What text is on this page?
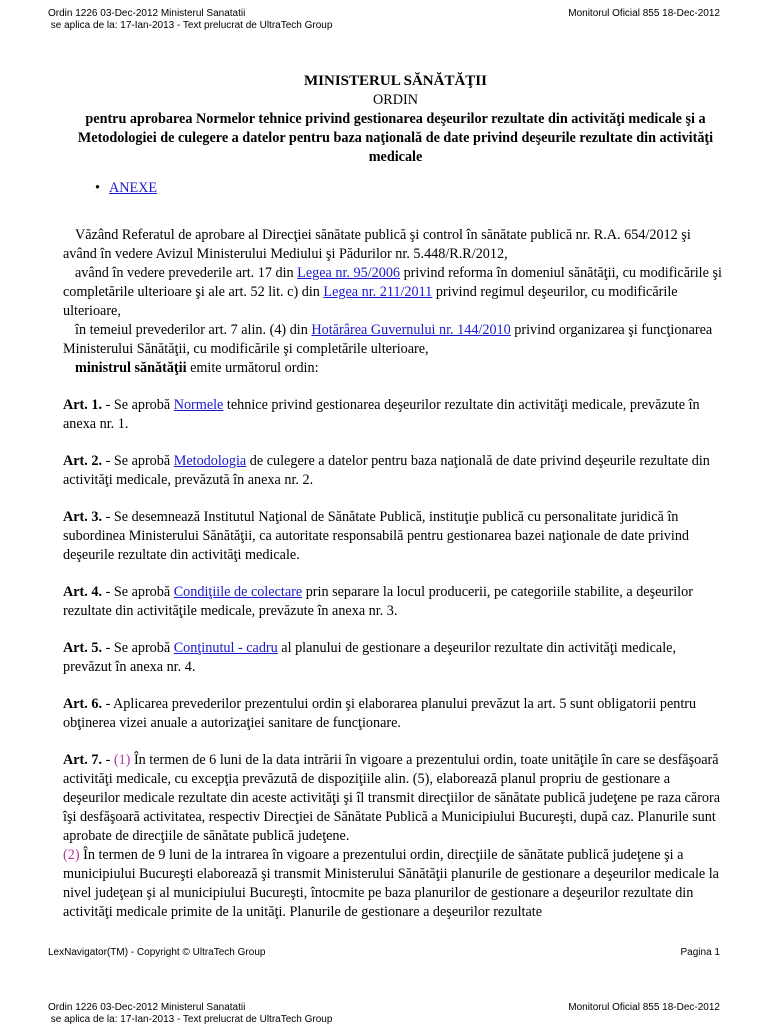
Ordin 1226 03-Dec-2012 Ministerul Sanatatii
se aplica de la: 17-Ian-2013 - Text prelucrat de UltraTech Group
Monitorul Oficial 855 18-Dec-2012
MINISTERUL SĂNĂTĂŢII
ORDIN
pentru aprobarea Normelor tehnice privind gestionarea deşeurilor rezultate din activităţi medicale şi a Metodologiei de culegere a datelor pentru baza naţională de date privind deşeurile rezultate din activităţi medicale
• ANEXE
Văzând Referatul de aprobare al Direcţiei sănătate publică şi control în sănătate publică nr. R.A. 654/2012 şi având în vedere Avizul Ministerului Mediului şi Pădurilor nr. 5.448/R.R/2012,
având în vedere prevederile art. 17 din Legea nr. 95/2006 privind reforma în domeniul sănătăţii, cu modificările şi completările ulterioare şi ale art. 52 lit. c) din Legea nr. 211/2011 privind regimul deşeurilor, cu modificările ulterioare,
în temeiul prevederilor art. 7 alin. (4) din Hotărârea Guvernului nr. 144/2010 privind organizarea şi funcţionarea Ministerului Sănătăţii, cu modificările şi completările ulterioare,
ministrul sănătăţii emite următorul ordin:
Art. 1. - Se aprobă Normele tehnice privind gestionarea deşeurilor rezultate din activităţi medicale, prevăzute în anexa nr. 1.
Art. 2. - Se aprobă Metodologia de culegere a datelor pentru baza naţională de date privind deşeurile rezultate din activităţi medicale, prevăzută în anexa nr. 2.
Art. 3. - Se desemnează Institutul Naţional de Sănătate Publică, instituţie publică cu personalitate juridică în subordinea Ministerului Sănătăţii, ca autoritate responsabilă pentru gestionarea bazei naţionale de date privind deşeurile rezultate din activităţi medicale.
Art. 4. - Se aprobă Condiţiile de colectare prin separare la locul producerii, pe categoriile stabilite, a deşeurilor rezultate din activităţile medicale, prevăzute în anexa nr. 3.
Art. 5. - Se aprobă Conţinutul - cadru al planului de gestionare a deşeurilor rezultate din activităţi medicale, prevăzut în anexa nr. 4.
Art. 6. - Aplicarea prevederilor prezentului ordin şi elaborarea planului prevăzut la art. 5 sunt obligatorii pentru obţinerea vizei anuale a autorizaţiei sanitare de funcţionare.
Art. 7. - (1) În termen de 6 luni de la data intrării în vigoare a prezentului ordin, toate unităţile în care se desfăşoară activităţi medicale, cu excepţia prevăzută de dispoziţiile alin. (5), elaborează planul propriu de gestionare a deşeurilor medicale rezultate din aceste activităţi şi îl transmit direcţiilor de sănătate publică judeţene pe raza cărora îşi desfăşoară activitatea, respectiv Direcţiei de Sănătate Publică a Municipiului Bucureşti, după caz. Planurile sunt aprobate de direcţiile de sănătate publică judeţene.
(2) În termen de 9 luni de la intrarea în vigoare a prezentului ordin, direcţiile de sănătate publică judeţene şi a municipiului Bucureşti elaborează şi transmit Ministerului Sănătăţii planurile de gestionare a deşeurilor medicale la nivel judeţean şi al municipiului Bucureşti, întocmite pe baza planurilor de gestionare a deşeurilor rezultate din activităţi medicale primite de la unităţi. Planurile de gestionare a deşeurilor rezultate
LexNavigator(TM) - Copyright © UltraTech Group	Pagina 1
Ordin 1226 03-Dec-2012 Ministerul Sanatatii
se aplica de la: 17-Ian-2013 - Text prelucrat de UltraTech Group
Monitorul Oficial 855 18-Dec-2012
